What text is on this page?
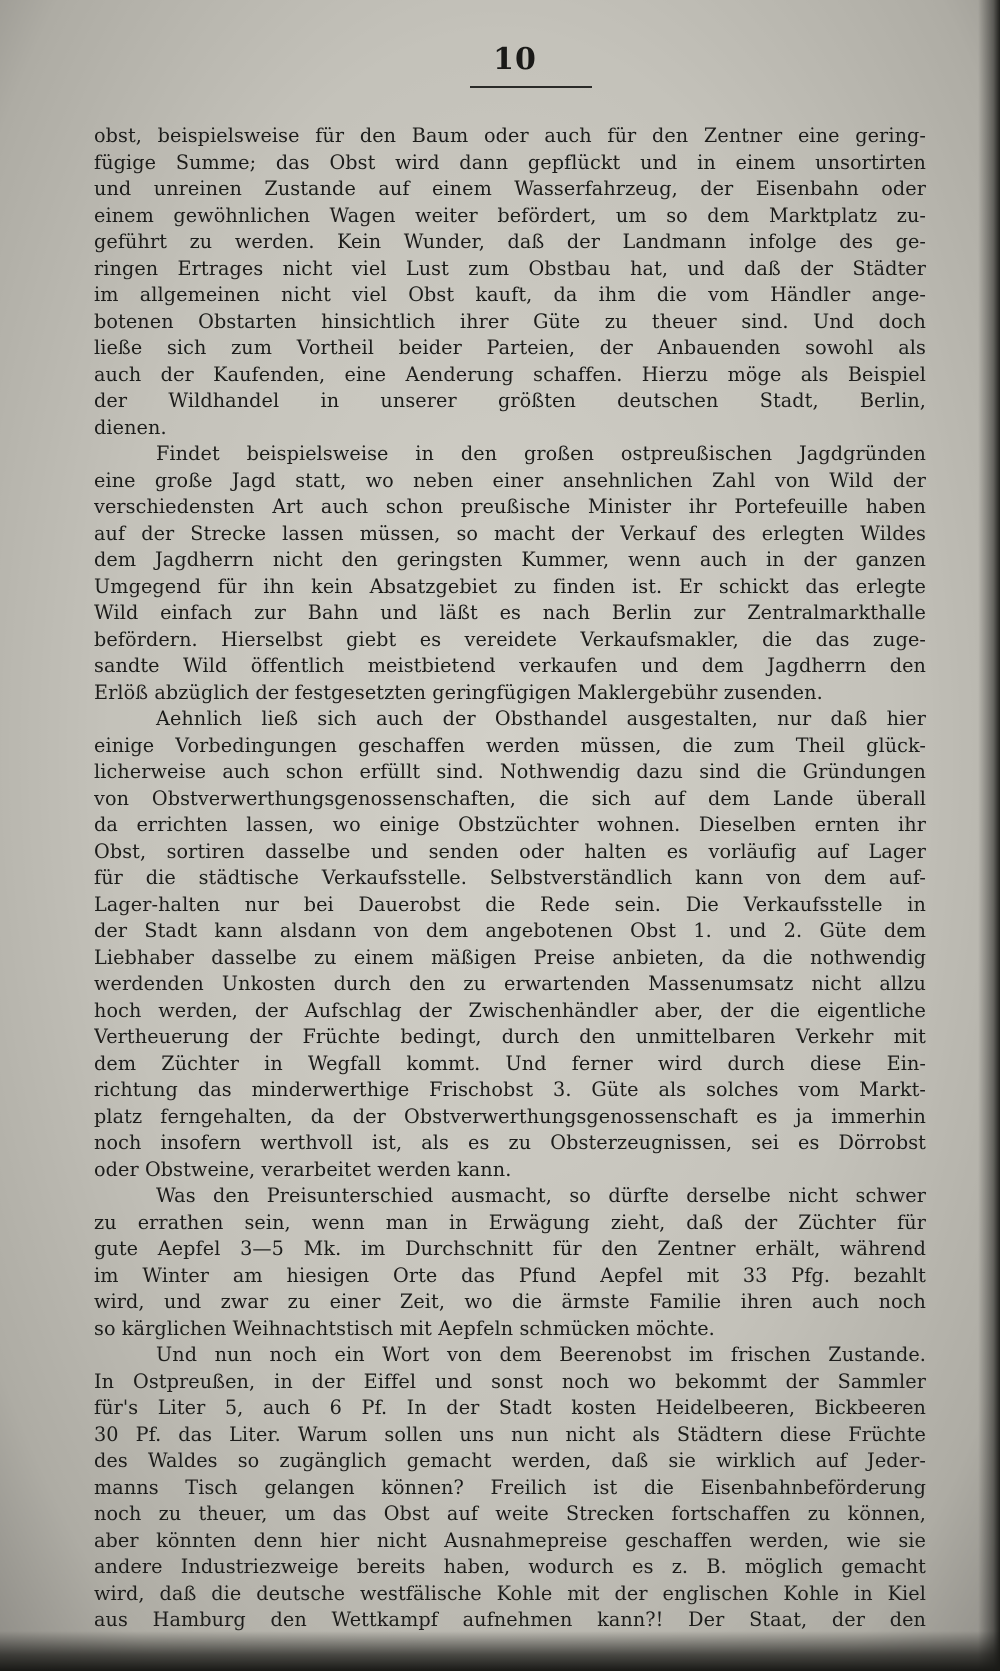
10
obst, beispielsweise für den Baum oder auch für den Zentner eine gering-
fügige Summe; das Obst wird dann gepflückt und in einem unsortirten
und unreinen Zustande auf einem Wasserfahrzeug, der Eisenbahn oder
einem gewöhnlichen Wagen weiter befördert, um so dem Marktplatz zu-
geführt zu werden. Kein Wunder, daß der Landmann infolge des ge-
ringen Ertrages nicht viel Lust zum Obstbau hat, und daß der Städter
im allgemeinen nicht viel Obst kauft, da ihm die vom Händler ange-
botenen Obstarten hinsichtlich ihrer Güte zu theuer sind. Und doch
ließe sich zum Vortheil beider Parteien, der Anbauenden sowohl als
auch der Kaufenden, eine Aenderung schaffen. Hierzu möge als Beispiel
der Wildhandel in unserer größten deutschen Stadt, Berlin,
dienen.
Findet beispielsweise in den großen ostpreußischen Jagdgründen
eine große Jagd statt, wo neben einer ansehnlichen Zahl von Wild der
verschiedensten Art auch schon preußische Minister ihr Portefeuille haben
auf der Strecke lassen müssen, so macht der Verkauf des erlegten Wildes
dem Jagdherrn nicht den geringsten Kummer, wenn auch in der ganzen
Umgegend für ihn kein Absatzgebiet zu finden ist. Er schickt das erlegte
Wild einfach zur Bahn und läßt es nach Berlin zur Zentralmarkthalle
befördern. Hierselbst giebt es vereidete Verkaufsmakler, die das zuge-
sandte Wild öffentlich meistbietend verkaufen und dem Jagdherrn den
Erlöß abzüglich der festgesetzten geringfügigen Maklergebühr zusenden.
Aehnlich ließ sich auch der Obsthandel ausgestalten, nur daß hier
einige Vorbedingungen geschaffen werden müssen, die zum Theil glück-
licherweise auch schon erfüllt sind. Nothwendig dazu sind die Gründungen
von Obstverwerthungsgenossenschaften, die sich auf dem Lande überall
da errichten lassen, wo einige Obstzüchter wohnen. Dieselben ernten ihr
Obst, sortiren dasselbe und senden oder halten es vorläufig auf Lager
für die städtische Verkaufsstelle. Selbstverständlich kann von dem auf-
Lager-halten nur bei Dauerobst die Rede sein. Die Verkaufsstelle in
der Stadt kann alsdann von dem angebotenen Obst 1. und 2. Güte dem
Liebhaber dasselbe zu einem mäßigen Preise anbieten, da die nothwendig
werdenden Unkosten durch den zu erwartenden Massenumsatz nicht allzu
hoch werden, der Aufschlag der Zwischenhändler aber, der die eigentliche
Vertheuerung der Früchte bedingt, durch den unmittelbaren Verkehr mit
dem Züchter in Wegfall kommt. Und ferner wird durch diese Ein-
richtung das minderwerthige Frischobst 3. Güte als solches vom Markt-
platz ferngehalten, da der Obstverwerthungsgenossenschaft es ja immerhin
noch insofern werthvoll ist, als es zu Obsterzeugnissen, sei es Dörrobst
oder Obstweine, verarbeitet werden kann.
Was den Preisunterschied ausmacht, so dürfte derselbe nicht schwer
zu errathen sein, wenn man in Erwägung zieht, daß der Züchter für
gute Aepfel 3—5 Mk. im Durchschnitt für den Zentner erhält, während
im Winter am hiesigen Orte das Pfund Aepfel mit 33 Pfg. bezahlt
wird, und zwar zu einer Zeit, wo die ärmste Familie ihren auch noch
so kärglichen Weihnachtstisch mit Aepfeln schmücken möchte.
Und nun noch ein Wort von dem Beerenobst im frischen Zustande.
In Ostpreußen, in der Eiffel und sonst noch wo bekommt der Sammler
für's Liter 5, auch 6 Pf. In der Stadt kosten Heidelbeeren, Bickbeeren
30 Pf. das Liter. Warum sollen uns nun nicht als Städtern diese Früchte
des Waldes so zugänglich gemacht werden, daß sie wirklich auf Jeder-
manns Tisch gelangen können? Freilich ist die Eisenbahnbeförderung
noch zu theuer, um das Obst auf weite Strecken fortschaffen zu können,
aber könnten denn hier nicht Ausnahmepreise geschaffen werden, wie sie
andere Industriezweige bereits haben, wodurch es z. B. möglich gemacht
wird, daß die deutsche westfälische Kohle mit der englischen Kohle in Kiel
aus Hamburg den Wettkampf aufnehmen kann?! Der Staat, der den
